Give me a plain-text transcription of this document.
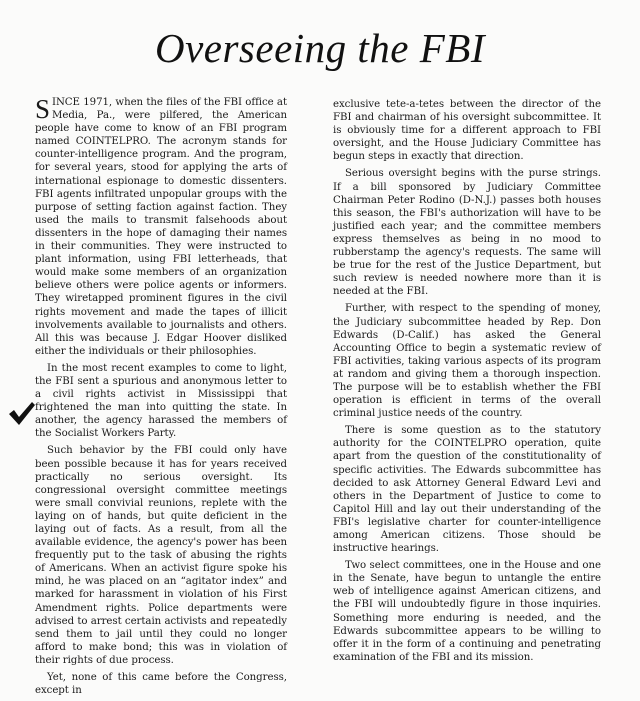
Overseeing the FBI

SINCE 1971, when the files of the FBI office at Media, Pa., were pilfered, the American people have come to know of an FBI program named COINTELPRO. The acronym stands for counter-intelligence program. And the program, for several years, stood for applying the arts of international espionage to domestic dissenters. FBI agents infiltrated unpopular groups with the purpose of setting faction against faction. They used the mails to transmit falsehoods about dissenters in the hope of damaging their names in their communities. They were instructed to plant information, using FBI letterheads, that would make some members of an organization believe others were police agents or informers. They wiretapped prominent figures in the civil rights movement and made the tapes of illicit involvements available to journalists and others. All this was because J. Edgar Hoover disliked either the individuals or their philosophies.

In the most recent examples to come to light, the FBI sent a spurious and anonymous letter to a civil rights activist in Mississippi that frightened the man into quitting the state. In another, the agency harassed the members of the Socialist Workers Party.

Such behavior by the FBI could only have been possible because it has for years received practically no serious oversight. Its congressional oversight committee meetings were small convivial reunions, replete with the laying on of hands, but quite deficient in the laying out of facts. As a result, from all the available evidence, the agency's power has been frequently put to the task of abusing the rights of Americans. When an activist figure spoke his mind, he was placed on an “agitator index” and marked for harassment in violation of his First Amendment rights. Police departments were advised to arrest certain activists and repeatedly send them to jail until they could no longer afford to make bond; this was in violation of their rights of due process.

Yet, none of this came before the Congress, except in

exclusive tete-a-tetes between the director of the FBI and chairman of his oversight subcommittee. It is obviously time for a different approach to FBI oversight, and the House Judiciary Committee has begun steps in exactly that direction.

Serious oversight begins with the purse strings. If a bill sponsored by Judiciary Committee Chairman Peter Rodino (D-N.J.) passes both houses this season, the FBI's authorization will have to be justified each year; and the committee members express themselves as being in no mood to rubberstamp the agency's requests. The same will be true for the rest of the Justice Department, but such review is needed nowhere more than it is needed at the FBI.

Further, with respect to the spending of money, the Judiciary subcommittee headed by Rep. Don Edwards (D-Calif.) has asked the General Accounting Office to begin a systematic review of FBI activities, taking various aspects of its program at random and giving them a thorough inspection. The purpose will be to establish whether the FBI operation is efficient in terms of the overall criminal justice needs of the country.

There is some question as to the statutory authority for the COINTELPRO operation, quite apart from the question of the constitutionality of specific activities. The Edwards subcommittee has decided to ask Attorney General Edward Levi and others in the Department of Justice to come to Capitol Hill and lay out their understanding of the FBI's legislative charter for counter-intelligence among American citizens. Those should be instructive hearings.

Two select committees, one in the House and one in the Senate, have begun to untangle the entire web of intelligence against American citizens, and the FBI will undoubtedly figure in those inquiries. Something more enduring is needed, and the Edwards subcommittee appears to be willing to offer it in the form of a continuing and penetrating examination of the FBI and its mission.
